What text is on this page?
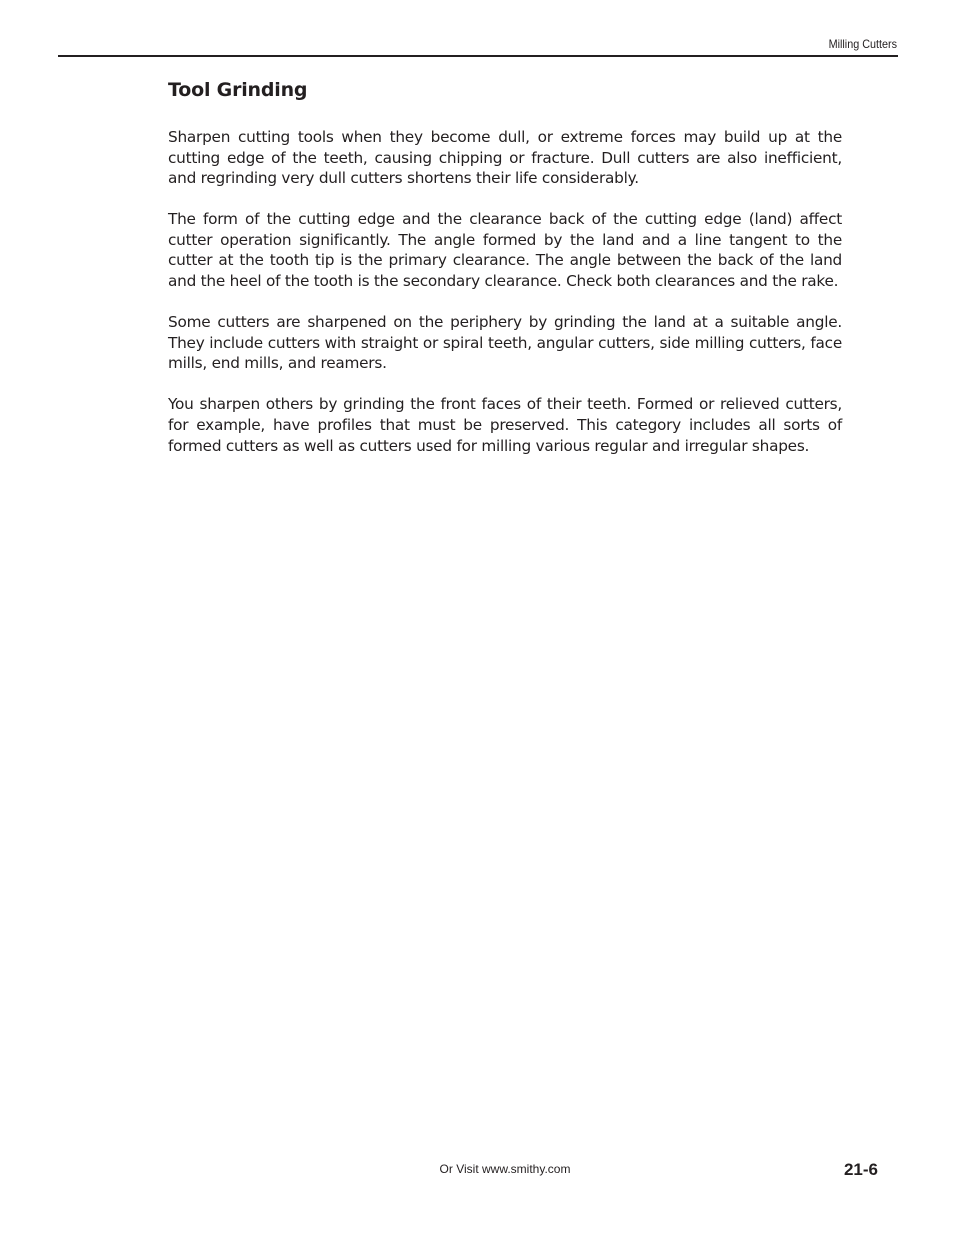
Milling Cutters
Tool Grinding

Sharpen cutting tools when they become dull, or extreme forces may build up at the cutting edge of the teeth, causing chipping or fracture. Dull cutters are also inefficient, and regrinding very dull cutters shortens their life considerably.

The form of the cutting edge and the clearance back of the cutting edge (land) affect cutter operation significantly. The angle formed by the land and a line tangent to the cutter at the tooth tip is the primary clearance. The angle between the back of the land and the heel of the tooth is the secondary clearance. Check both clearances and the rake.

Some cutters are sharpened on the periphery by grinding the land at a suitable angle. They include cutters with straight or spiral teeth, angular cutters, side milling cutters, face mills, end mills, and reamers.

You sharpen others by grinding the front faces of their teeth. Formed or relieved cutters, for example, have profiles that must be preserved. This category includes all sorts of formed cutters as well as cutters used for milling various regular and irregular shapes.

Or Visit www.smithy.com	21-6
